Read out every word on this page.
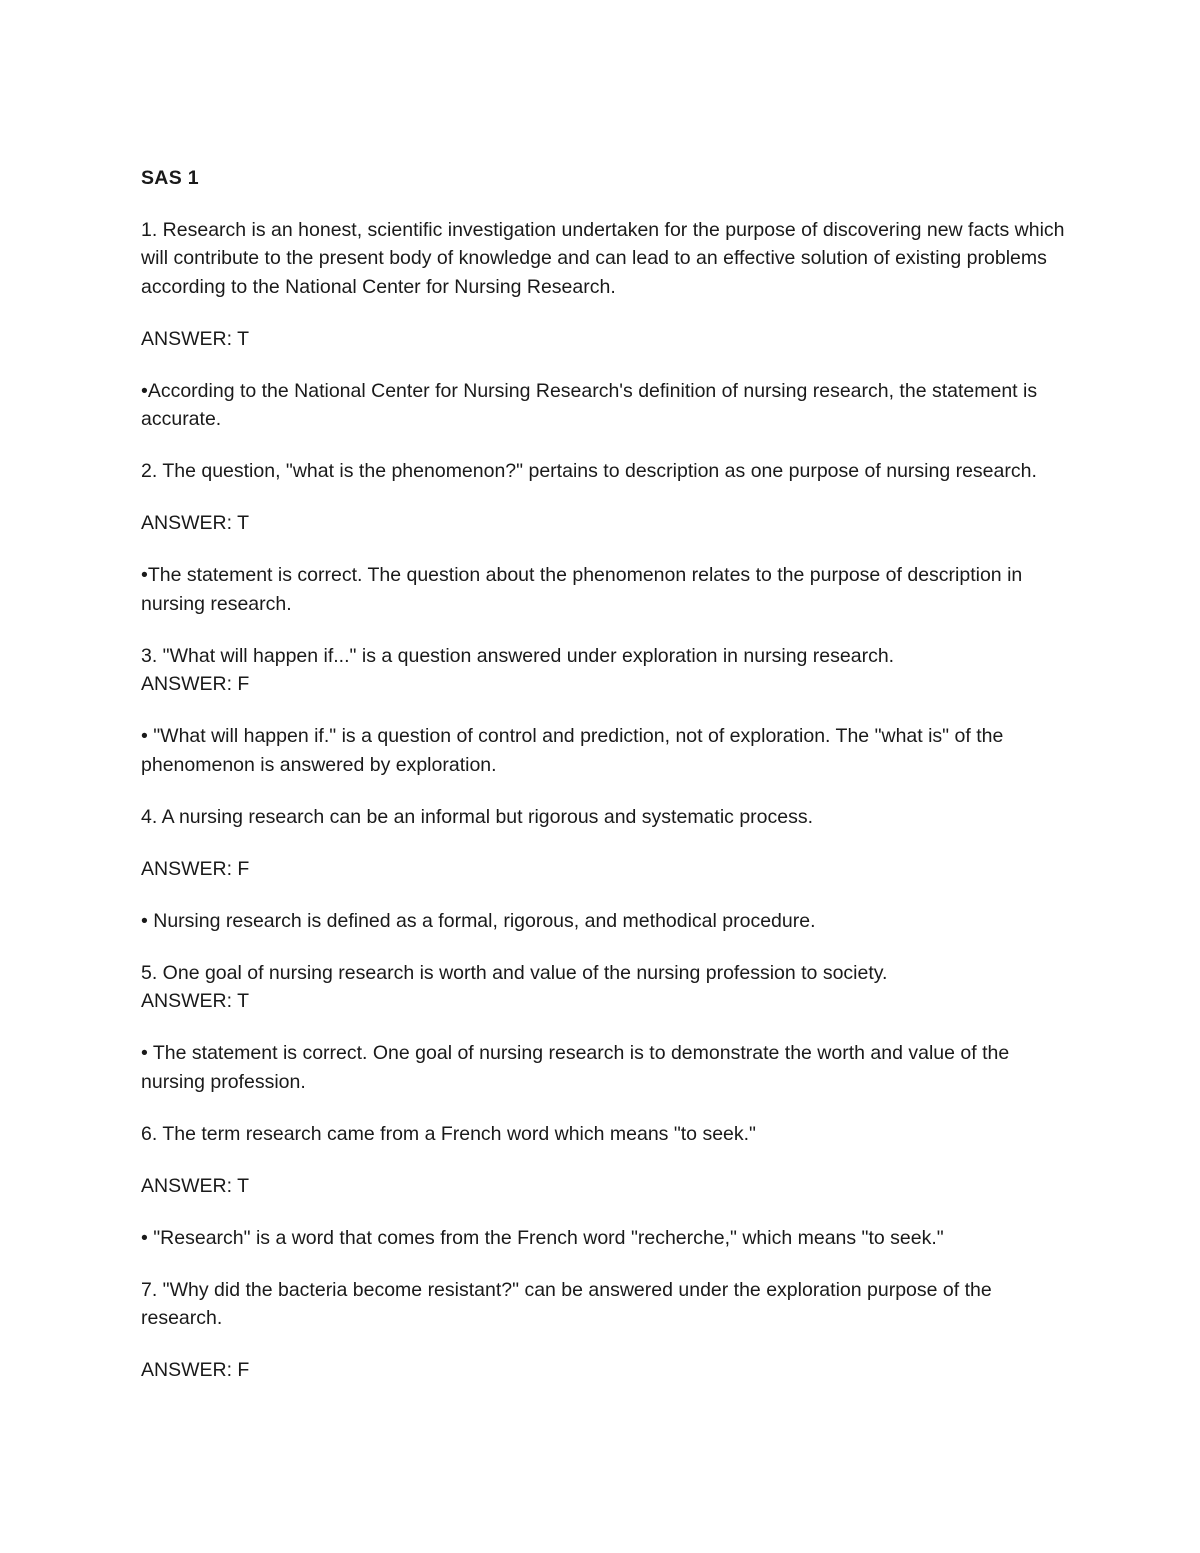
SAS 1
1. Research is an honest, scientific investigation undertaken for the purpose of discovering new facts which will contribute to the present body of knowledge and can lead to an effective solution of existing problems according to the National Center for Nursing Research.
ANSWER: T
•According to the National Center for Nursing Research's definition of nursing research, the statement is accurate.
2. The question, "what is the phenomenon?" pertains to description as one purpose of nursing research.
ANSWER: T
•The statement is correct. The question about the phenomenon relates to the purpose of description in nursing research.
3. "What will happen if..." is a question answered under exploration in nursing research.
ANSWER: F
• "What will happen if." is a question of control and prediction, not of exploration. The "what is" of the phenomenon is answered by exploration.
4. A nursing research can be an informal but rigorous and systematic process.
ANSWER: F
• Nursing research is defined as a formal, rigorous, and methodical procedure.
5. One goal of nursing research is worth and value of the nursing profession to society.
ANSWER: T
• The statement is correct. One goal of nursing research is to demonstrate the worth and value of the nursing profession.
6. The term research came from a French word which means "to seek."
ANSWER: T
• "Research" is a word that comes from the French word "recherche," which means "to seek."
7. "Why did the bacteria become resistant?" can be answered under the exploration purpose of the research.
ANSWER: F
